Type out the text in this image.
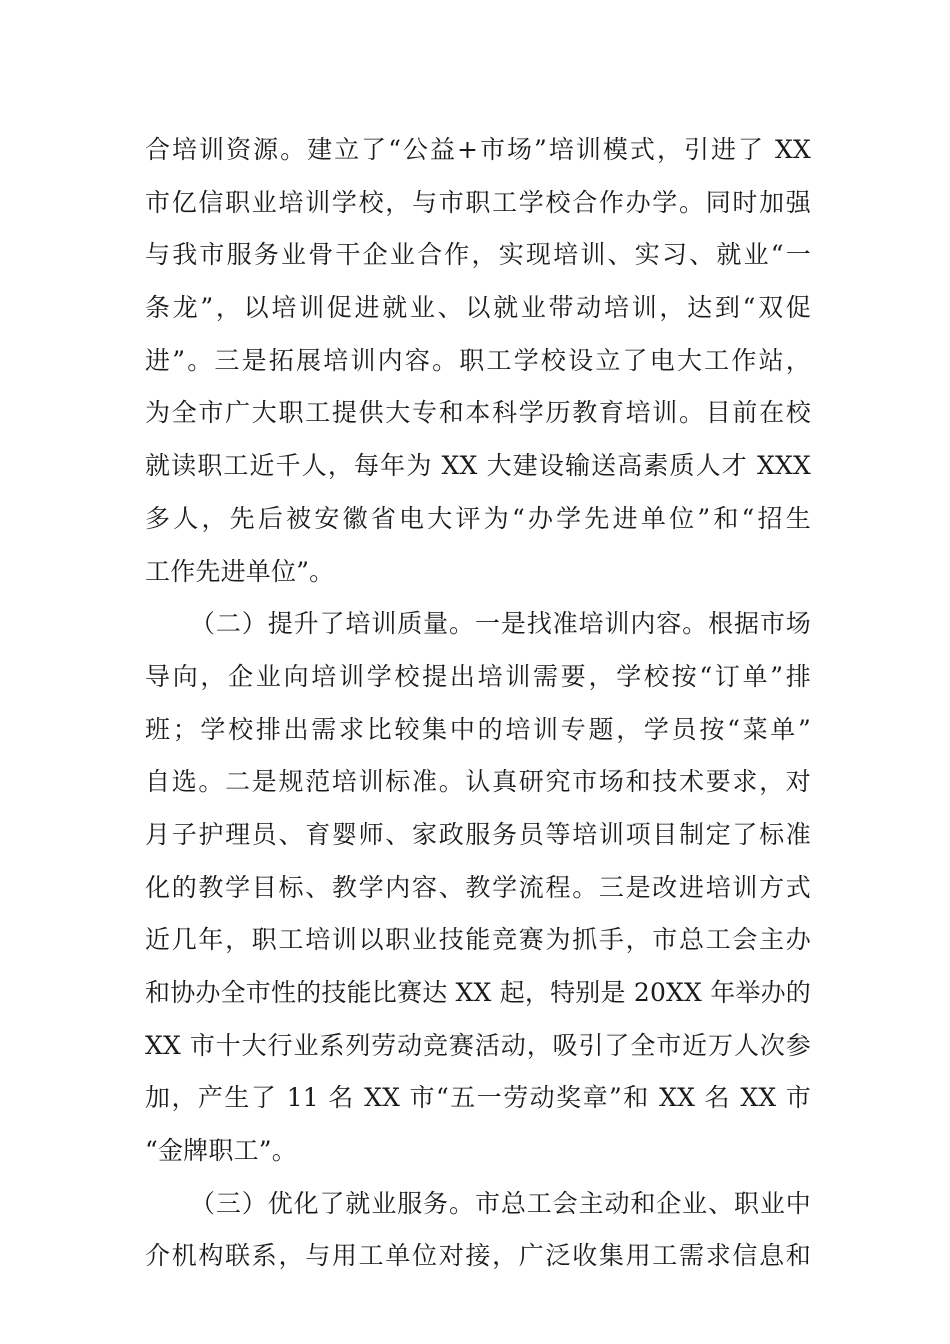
合培训资源。建立了“公益+市场”培训模式，引进了 XX
市亿信职业培训学校，与市职工学校合作办学。同时加强
与我市服务业骨干企业合作，实现培训、实习、就业“一
条龙”，以培训促进就业、以就业带动培训，达到“双促
进”。三是拓展培训内容。职工学校设立了电大工作站，
为全市广大职工提供大专和本科学历教育培训。目前在校
就读职工近千人，每年为 XX 大建设输送高素质人才 XXX
多人，先后被安徽省电大评为“办学先进单位”和“招生
工作先进单位”。
（二）提升了培训质量。一是找准培训内容。根据市场
导向，企业向培训学校提出培训需要，学校按“订单”排
班；学校排出需求比较集中的培训专题，学员按“菜单”
自选。二是规范培训标准。认真研究市场和技术要求，对
月子护理员、育婴师、家政服务员等培训项目制定了标准
化的教学目标、教学内容、教学流程。三是改进培训方式
近几年，职工培训以职业技能竞赛为抓手，市总工会主办
和协办全市性的技能比赛达 XX 起，特别是 20XX 年举办的
XX 市十大行业系列劳动竞赛活动，吸引了全市近万人次参
加，产生了 11 名 XX 市“五一劳动奖章”和 XX 名 XX 市
“金牌职工”。
（三）优化了就业服务。市总工会主动和企业、职业中
介机构联系，与用工单位对接，广泛收集用工需求信息和
